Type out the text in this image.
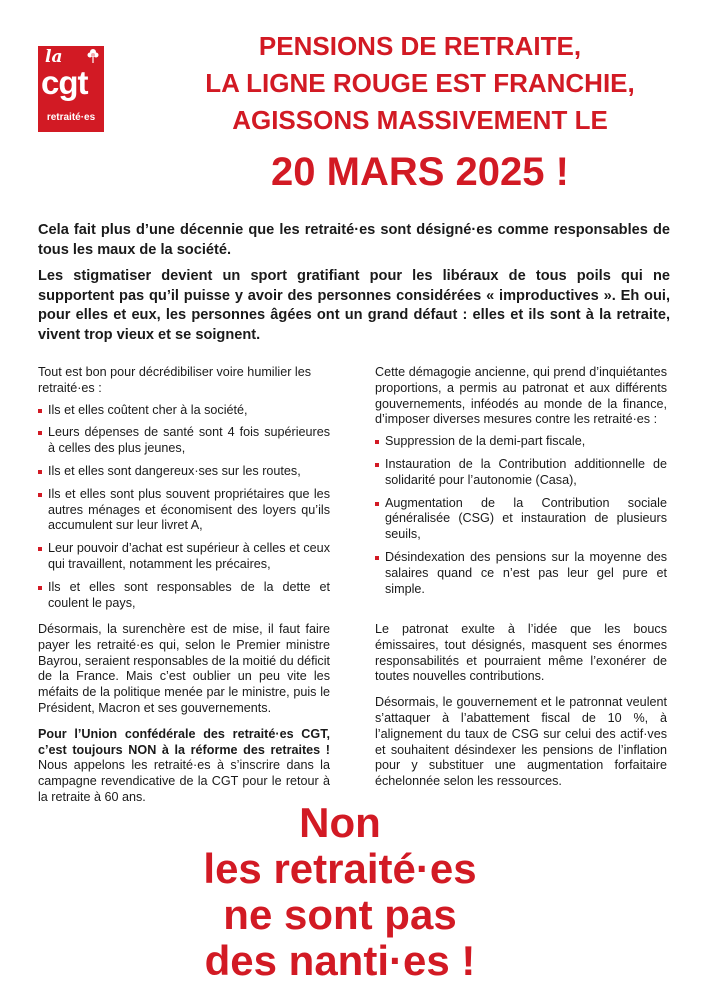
la
cgt
retraité·es
PENSIONS DE RETRAITE,
LA LIGNE ROUGE EST FRANCHIE,
AGISSONS MASSIVEMENT LE
20 MARS 2025 !

Cela fait plus d’une décennie que les retraité·es sont désigné·es comme responsables de tous les maux de la société.

Les stigmatiser devient un sport gratifiant pour les libéraux de tous poils qui ne supportent pas qu’il puisse y avoir des personnes considérées « improductives ». Eh oui, pour elles et eux, les personnes âgées ont un grand défaut : elles et ils sont à la retraite, vivent trop vieux et se soignent.

Tout est bon pour décrédibiliser voire humilier les retraité·es :
Ils et elles coûtent cher à la société,
Leurs dépenses de santé sont 4 fois supérieures à celles des plus jeunes,
Ils et elles sont dangereux·ses sur les routes,
Ils et elles sont plus souvent propriétaires que les autres ménages et économisent des loyers qu’ils accumulent sur leur livret A,
Leur pouvoir d’achat est supérieur à celles et ceux qui travaillent, notamment les précaires,
Ils et elles sont responsables de la dette et coulent le pays,
Cette démagogie ancienne, qui prend d’inquiétantes proportions, a permis au patronat et aux différents gouvernements, inféodés au monde de la finance, d’imposer diverses mesures contre les retraité·es :
Suppression de la demi-part fiscale,
Instauration de la Contribution additionnelle de solidarité pour l’autonomie (Casa),
Augmentation de la Contribution sociale généralisée (CSG) et instauration de plusieurs seuils,
Désindexation des pensions sur la moyenne des salaires quand ce n’est pas leur gel pure et simple.
Désormais, la surenchère est de mise, il faut faire payer les retraité·es qui, selon le Premier ministre Bayrou, seraient responsables de la moitié du déficit de la France. Mais c’est oublier un peu vite les méfaits de la politique menée par le ministre, puis le Président, Macron et ses gouvernements.
Pour l’Union confédérale des retraité·es CGT, c’est toujours NON à la réforme des retraites ! Nous appelons les retraité·es à s’inscrire dans la campagne revendicative de la CGT pour le retour à la retraite à 60 ans.
Le patronat exulte à l’idée que les boucs émissaires, tout désignés, masquent ses énormes responsabilités et pourraient même l’exonérer de toutes nouvelles contributions.
Désormais, le gouvernement et le patronnat veulent s’attaquer à l’abattement fiscal de 10 %, à l’alignement du taux de CSG sur celui des actif·ves et souhaitent désindexer les pensions de l’inflation pour y substituer une augmentation forfaitaire échelonnée selon les ressources.
Non
les retraité·es
ne sont pas
des nanti·es !
